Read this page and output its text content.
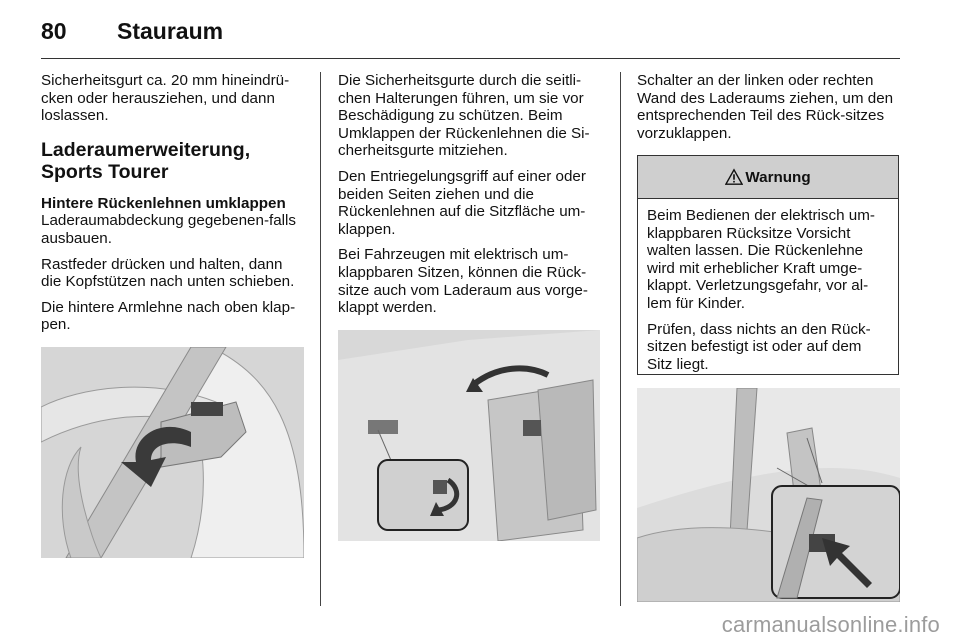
80 Stauraum

Sicherheitsgurt ca. 20 mm hineindrü-cken oder herausziehen, und dann loslassen.

Laderaumerweiterung, Sports Tourer
Hintere Rückenlehnen umklappen

Laderaumabdeckung gegebenen-falls ausbauen.

Rastfeder drücken und halten, dann die Kopfstützen nach unten schieben.

Die hintere Armlehne nach oben klap-pen.

Die Sicherheitsgurte durch die seitli-chen Halterungen führen, um sie vor Beschädigung zu schützen. Beim Umklappen der Rückenlehnen die Si-cherheitsgurte mitziehen.

Den Entriegelungsgriff auf einer oder beiden Seiten ziehen und die Rückenlehnen auf die Sitzfläche um-klappen.

Bei Fahrzeugen mit elektrisch um-klappbaren Sitzen, können die Rück-sitze auch vom Laderaum aus vorge-klappt werden.

Schalter an der linken oder rechten Wand des Laderaums ziehen, um den entsprechenden Teil des Rück-sitzes vorzuklappen.

Warnung

Beim Bedienen der elektrisch um-klappbaren Rücksitze Vorsicht walten lassen. Die Rückenlehne wird mit erheblicher Kraft umge-klappt. Verletzungsgefahr, vor al-lem für Kinder.

Prüfen, dass nichts an den Rück-sitzen befestigt ist oder auf dem Sitz liegt.

carmanualsonline.info
